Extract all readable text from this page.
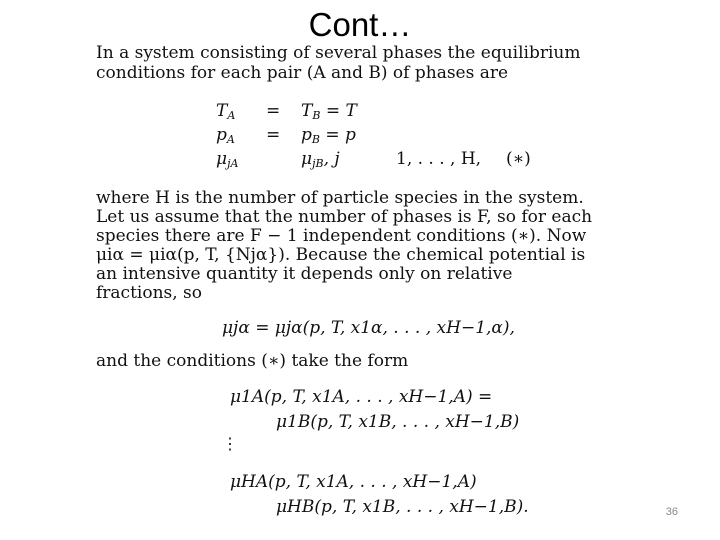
Cont…
In a system consisting of several phases the equilibrium
conditions for each pair (A and B) of phases are
$T_A = T_B = T$
$p_A = p_B = p$
$\mu_{jA}$	$\mu_{jB}$, j	1, . . . , H, (∗)
where H is the number of particle species in the system.
Let us assume that the number of phases is F, so for each
species there are F − 1 independent conditions (∗). Now
μiα = μiα(p, T, {Njα}). Because the chemical potential is
an intensive quantity it depends only on relative
fractions, so
μjα = μjα(p, T, x1α, . . . , xH−1,α),
and the conditions (∗) take the form
μ1A(p, T, x1A, . . . , xH−1,A) =
μ1B(p, T, x1B, . . . , xH−1,B)
⋮
μHA(p, T, x1A, . . . , xH−1,A)
μHB(p, T, x1B, . . . , xH−1,B).	36
